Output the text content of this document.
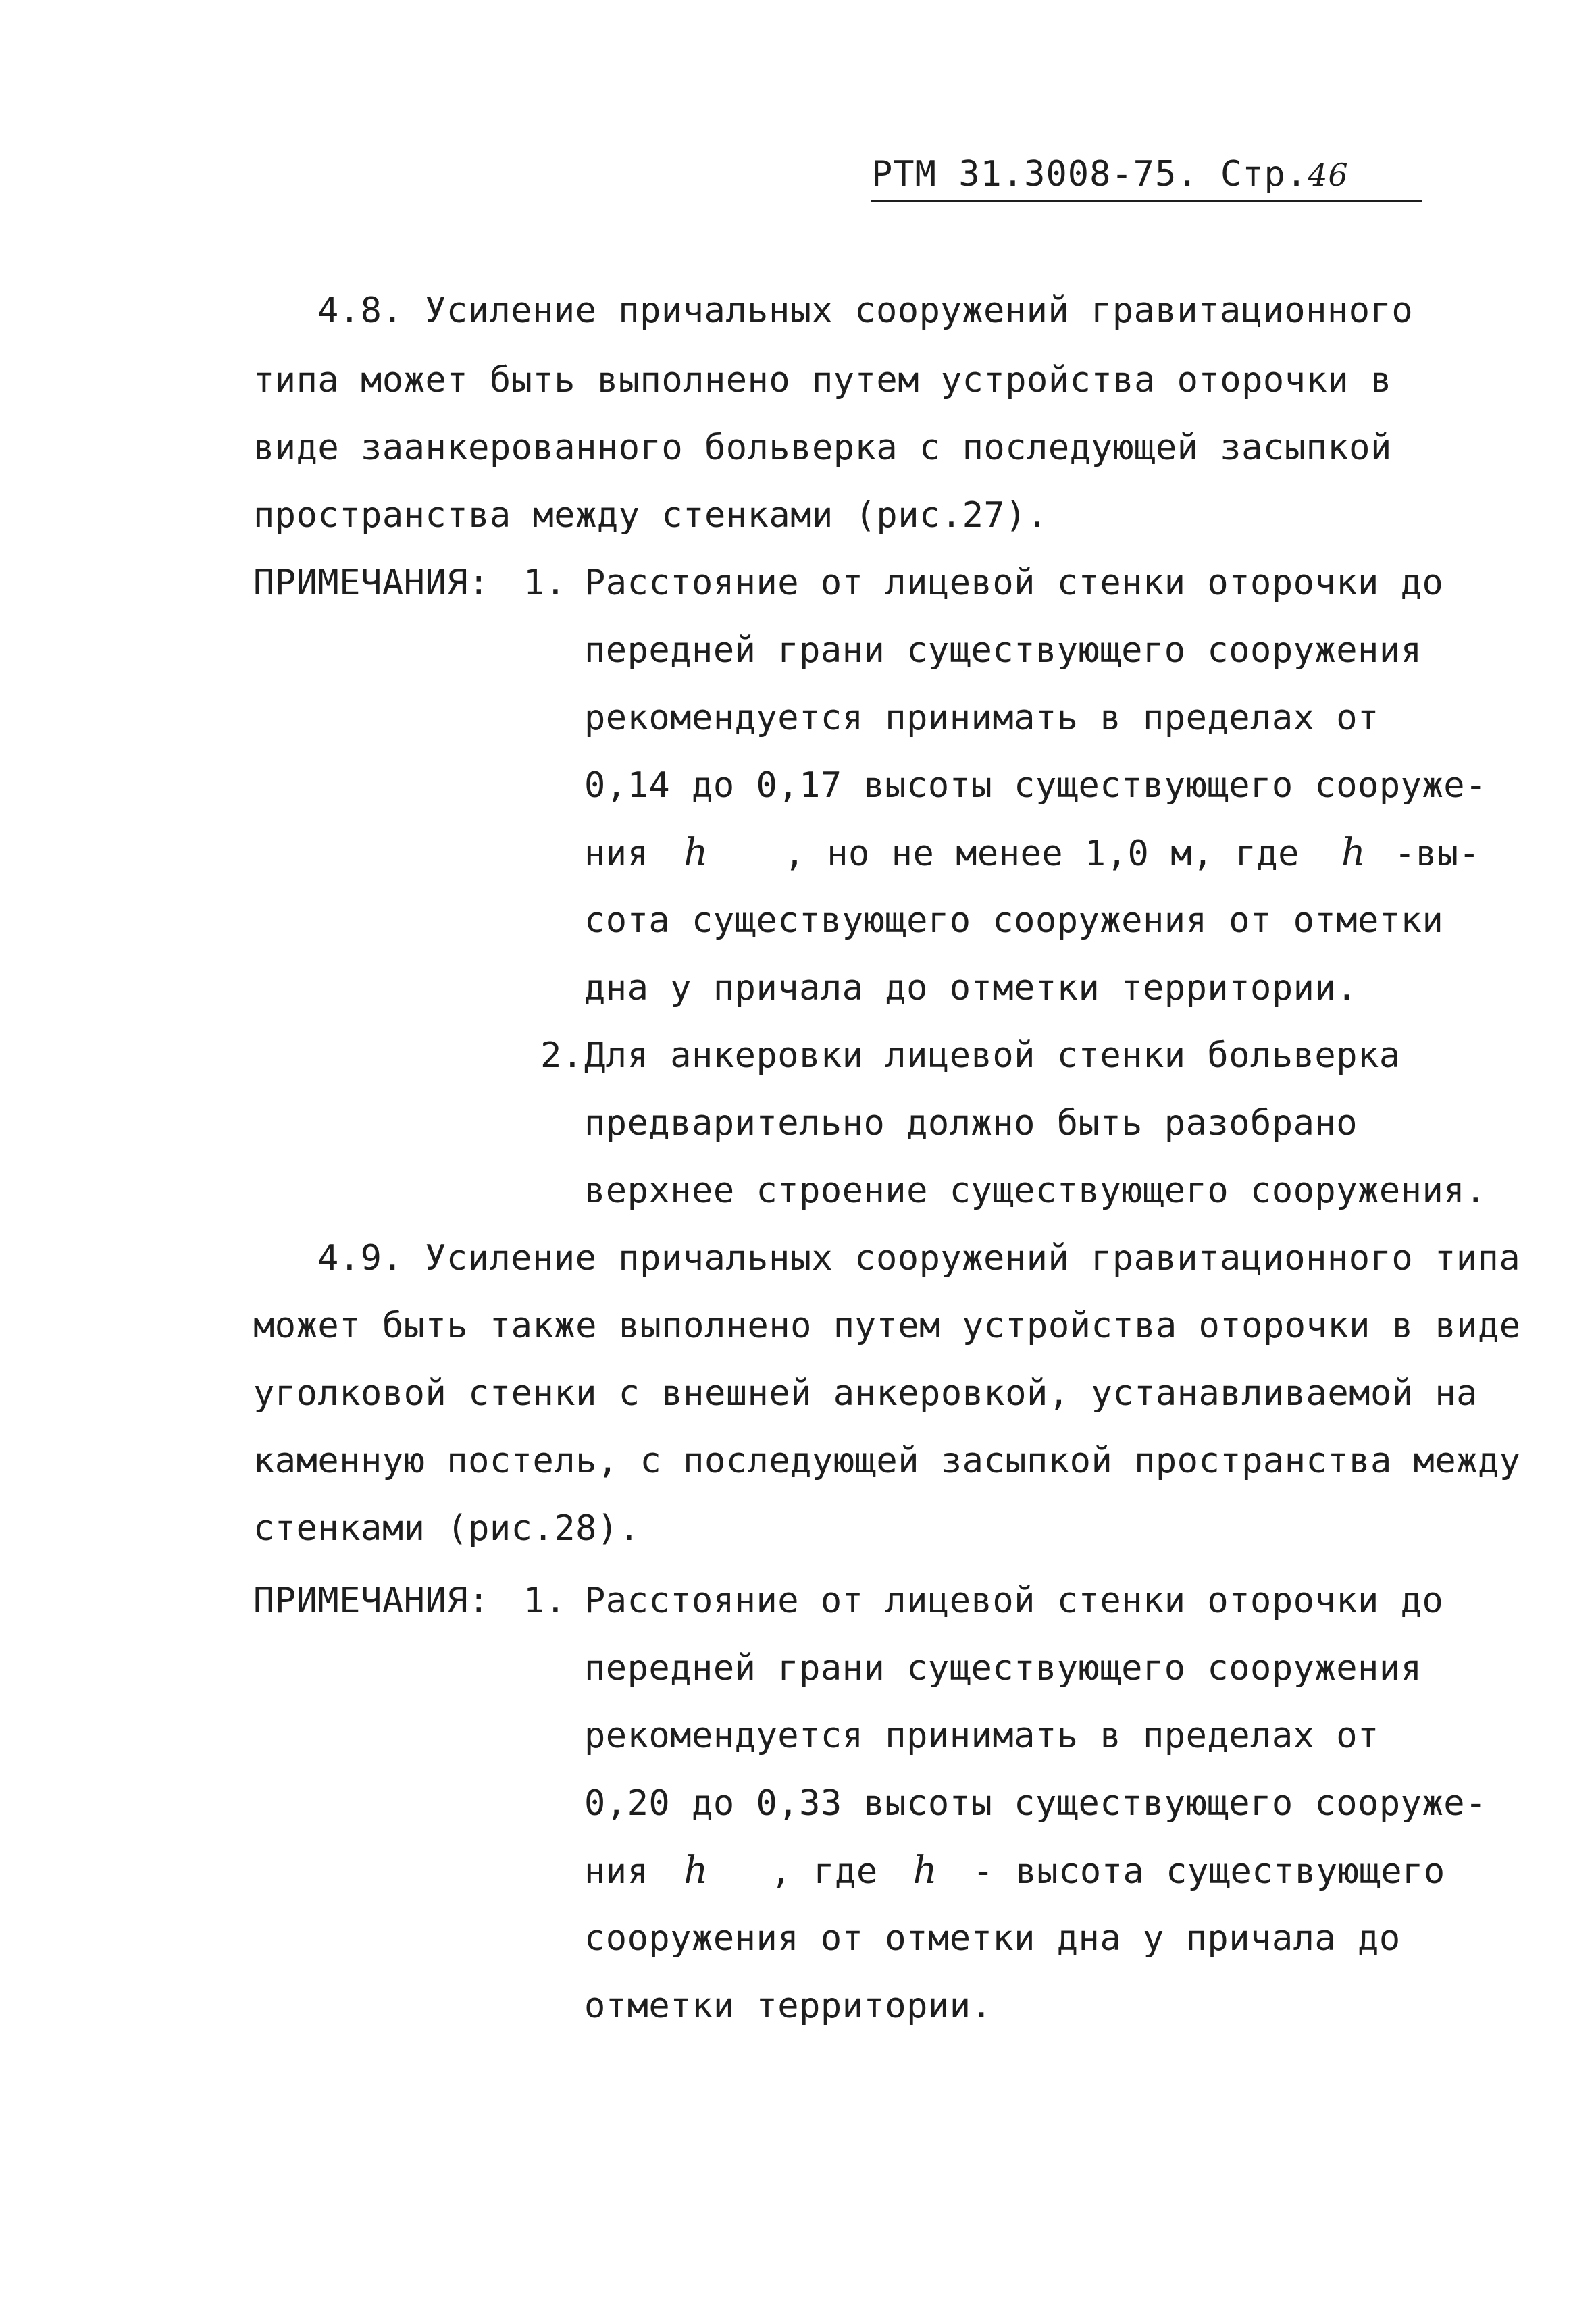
РТМ 31.3008-75. Стр.46
4.8. Усиление причальных сооружений гравитационного
типа может быть выполнено путем устройства оторочки в
виде заанкерованного больверка с последующей засыпкой
пространства между стенками (рис.27).
ПРИМЕЧАНИЯ: 1. Расстояние от лицевой стенки оторочки до
передней грани существующего сооружения
рекомендуется принимать в пределах от
0,14 до 0,17 высоты существующего сооруже-
ния h , но не менее 1,0 м, где h -вы-
сота существующего сооружения от отметки
дна у причала до отметки территории.
2. Для анкеровки лицевой стенки больверка
предварительно должно быть разобрано
верхнее строение существующего сооружения.
4.9. Усиление причальных сооружений гравитационного типа
может быть также выполнено путем устройства оторочки в виде
уголковой стенки с внешней анкеровкой, устанавливаемой на
каменную постель, с последующей засыпкой пространства между
стенками (рис.28).
ПРИМЕЧАНИЯ: 1. Расстояние от лицевой стенки оторочки до
передней грани существующего сооружения
рекомендуется принимать в пределах от
0,20 до 0,33 высоты существующего сооруже-
ния h , где h - высота существующего
сооружения от отметки дна у причала до
отметки территории.
